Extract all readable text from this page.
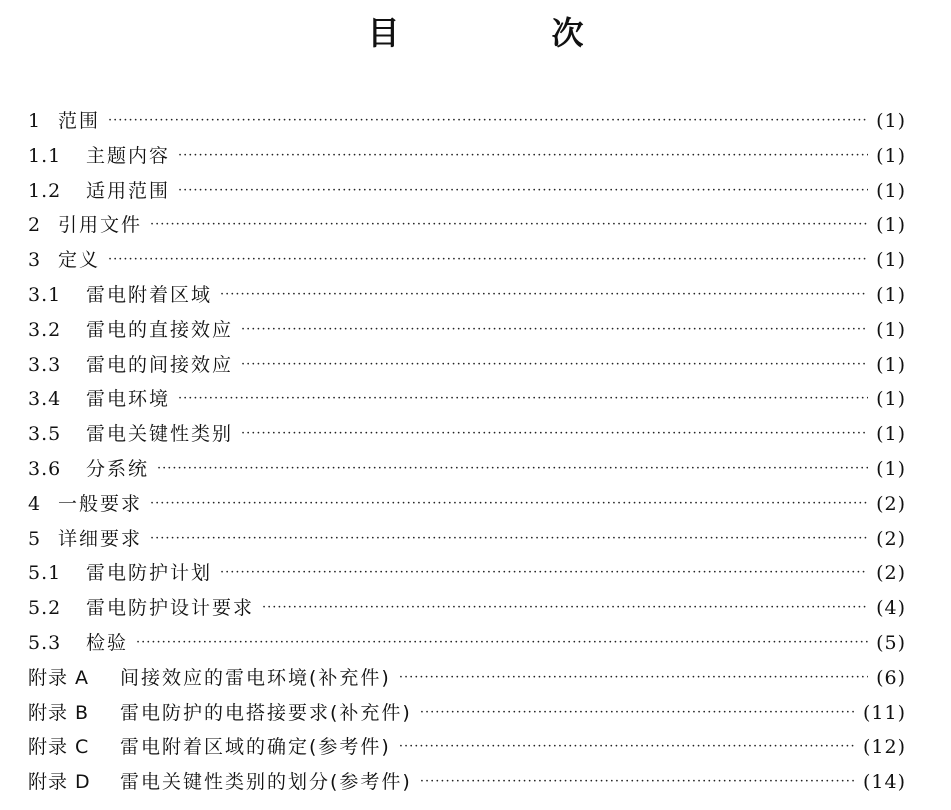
目　次
1 范围 ·····	(1)
1.1	主题内容 ·····	(1)
1.2	适用范围 ·····	(1)
2 引用文件 ·····	(1)
3 定义 ·····	(1)
3.1	雷电附着区域 ·····	(1)
3.2	雷电的直接效应 ·····	(1)
3.3	雷电的间接效应 ·····	(1)
3.4	雷电环境 ·····	(1)
3.5	雷电关键性类别 ·····	(1)
3.6	分系统 ·····	(1)
4 一般要求 ·····	(2)
5 详细要求 ·····	(2)
5.1	雷电防护计划 ·····	(2)
5.2	雷电防护设计要求 ·····	(4)
5.3	检验 ·····	(5)
附录 A	间接效应的雷电环境(补充件) ·····	(6)
附录 B	雷电防护的电搭接要求(补充件) ·····	(11)
附录 C	雷电附着区域的确定(参考件) ·····	(12)
附录 D	雷电关键性类别的划分(参考件) ·····	(14)
